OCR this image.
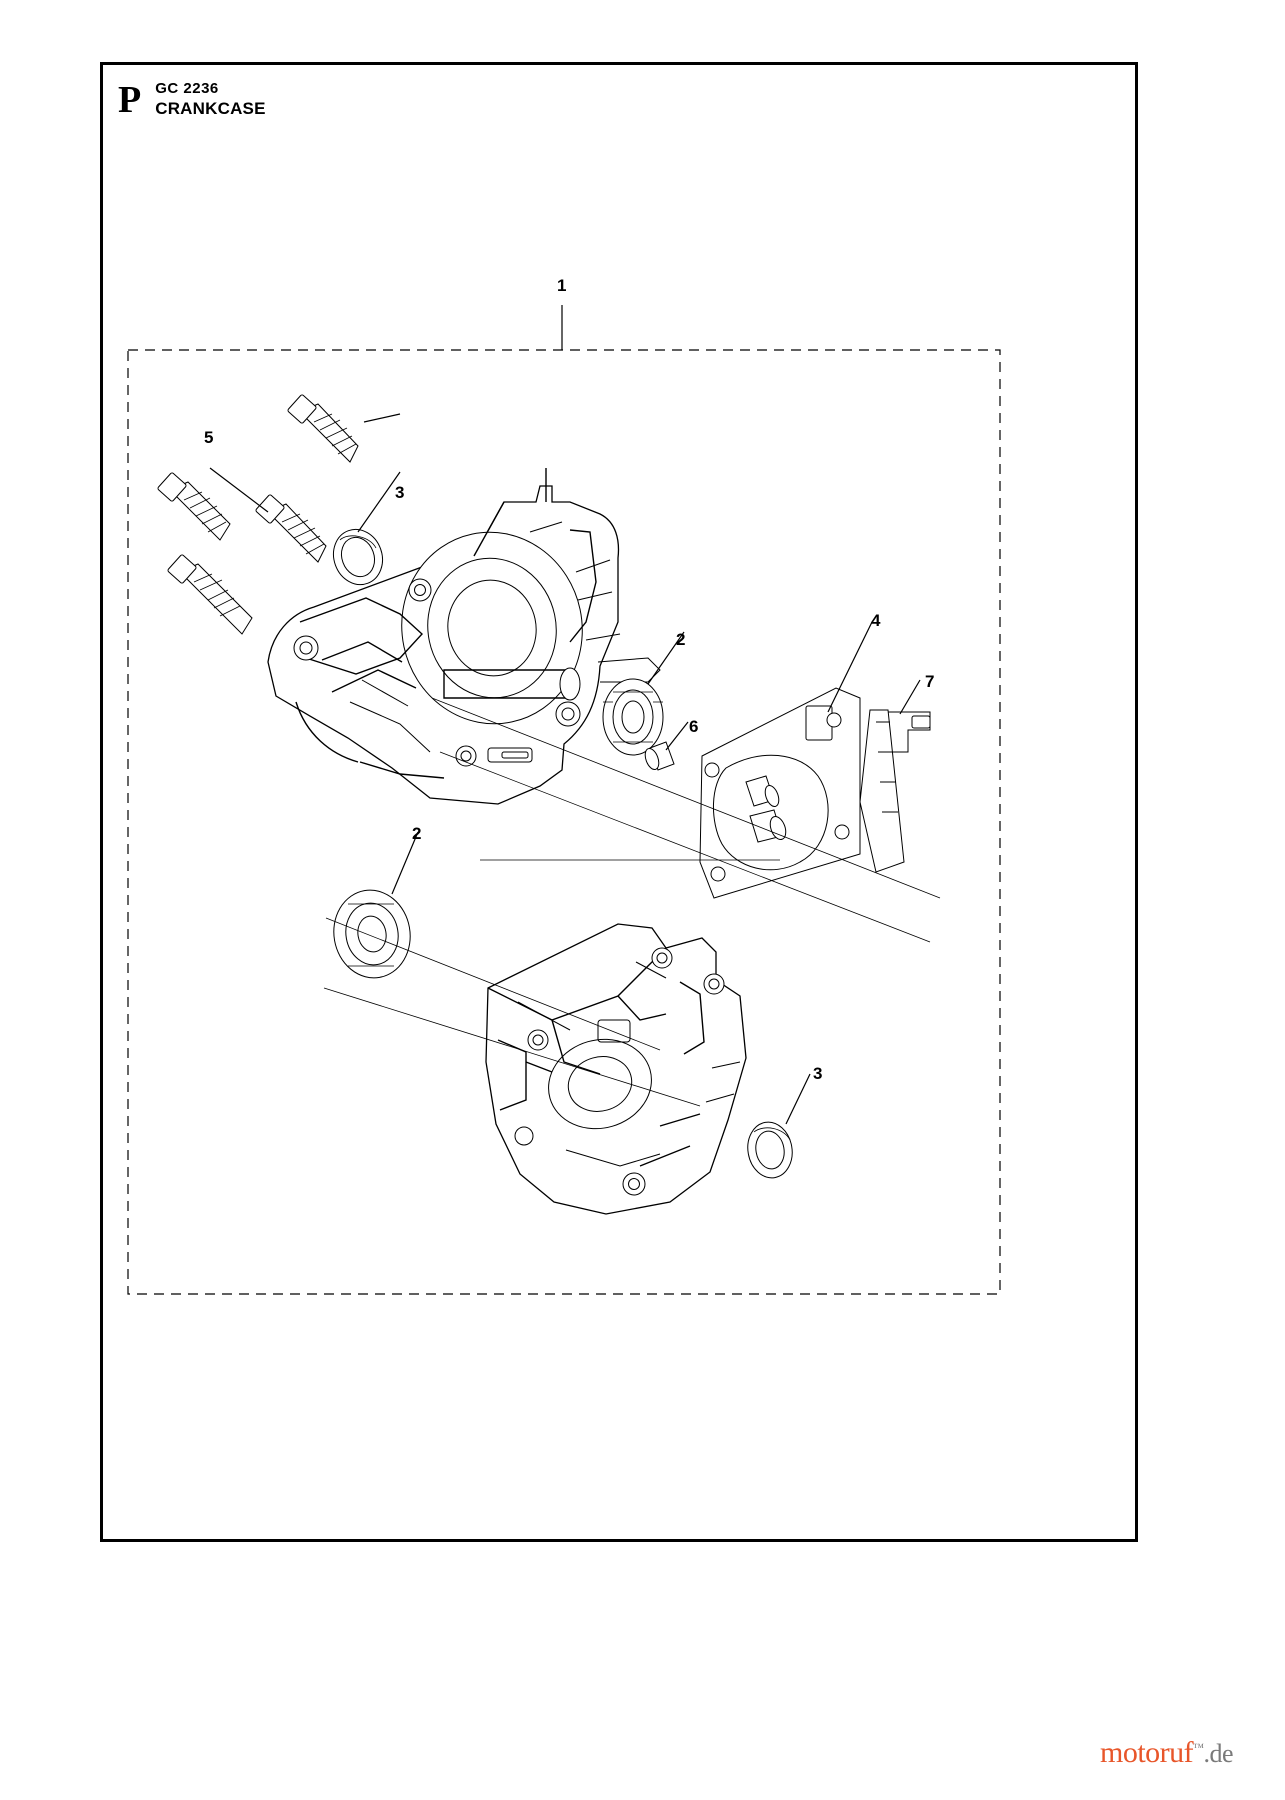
P GC 2236
CRANKCASE
1
5
3
2
4
7
6
2
3
motoruf™.de
